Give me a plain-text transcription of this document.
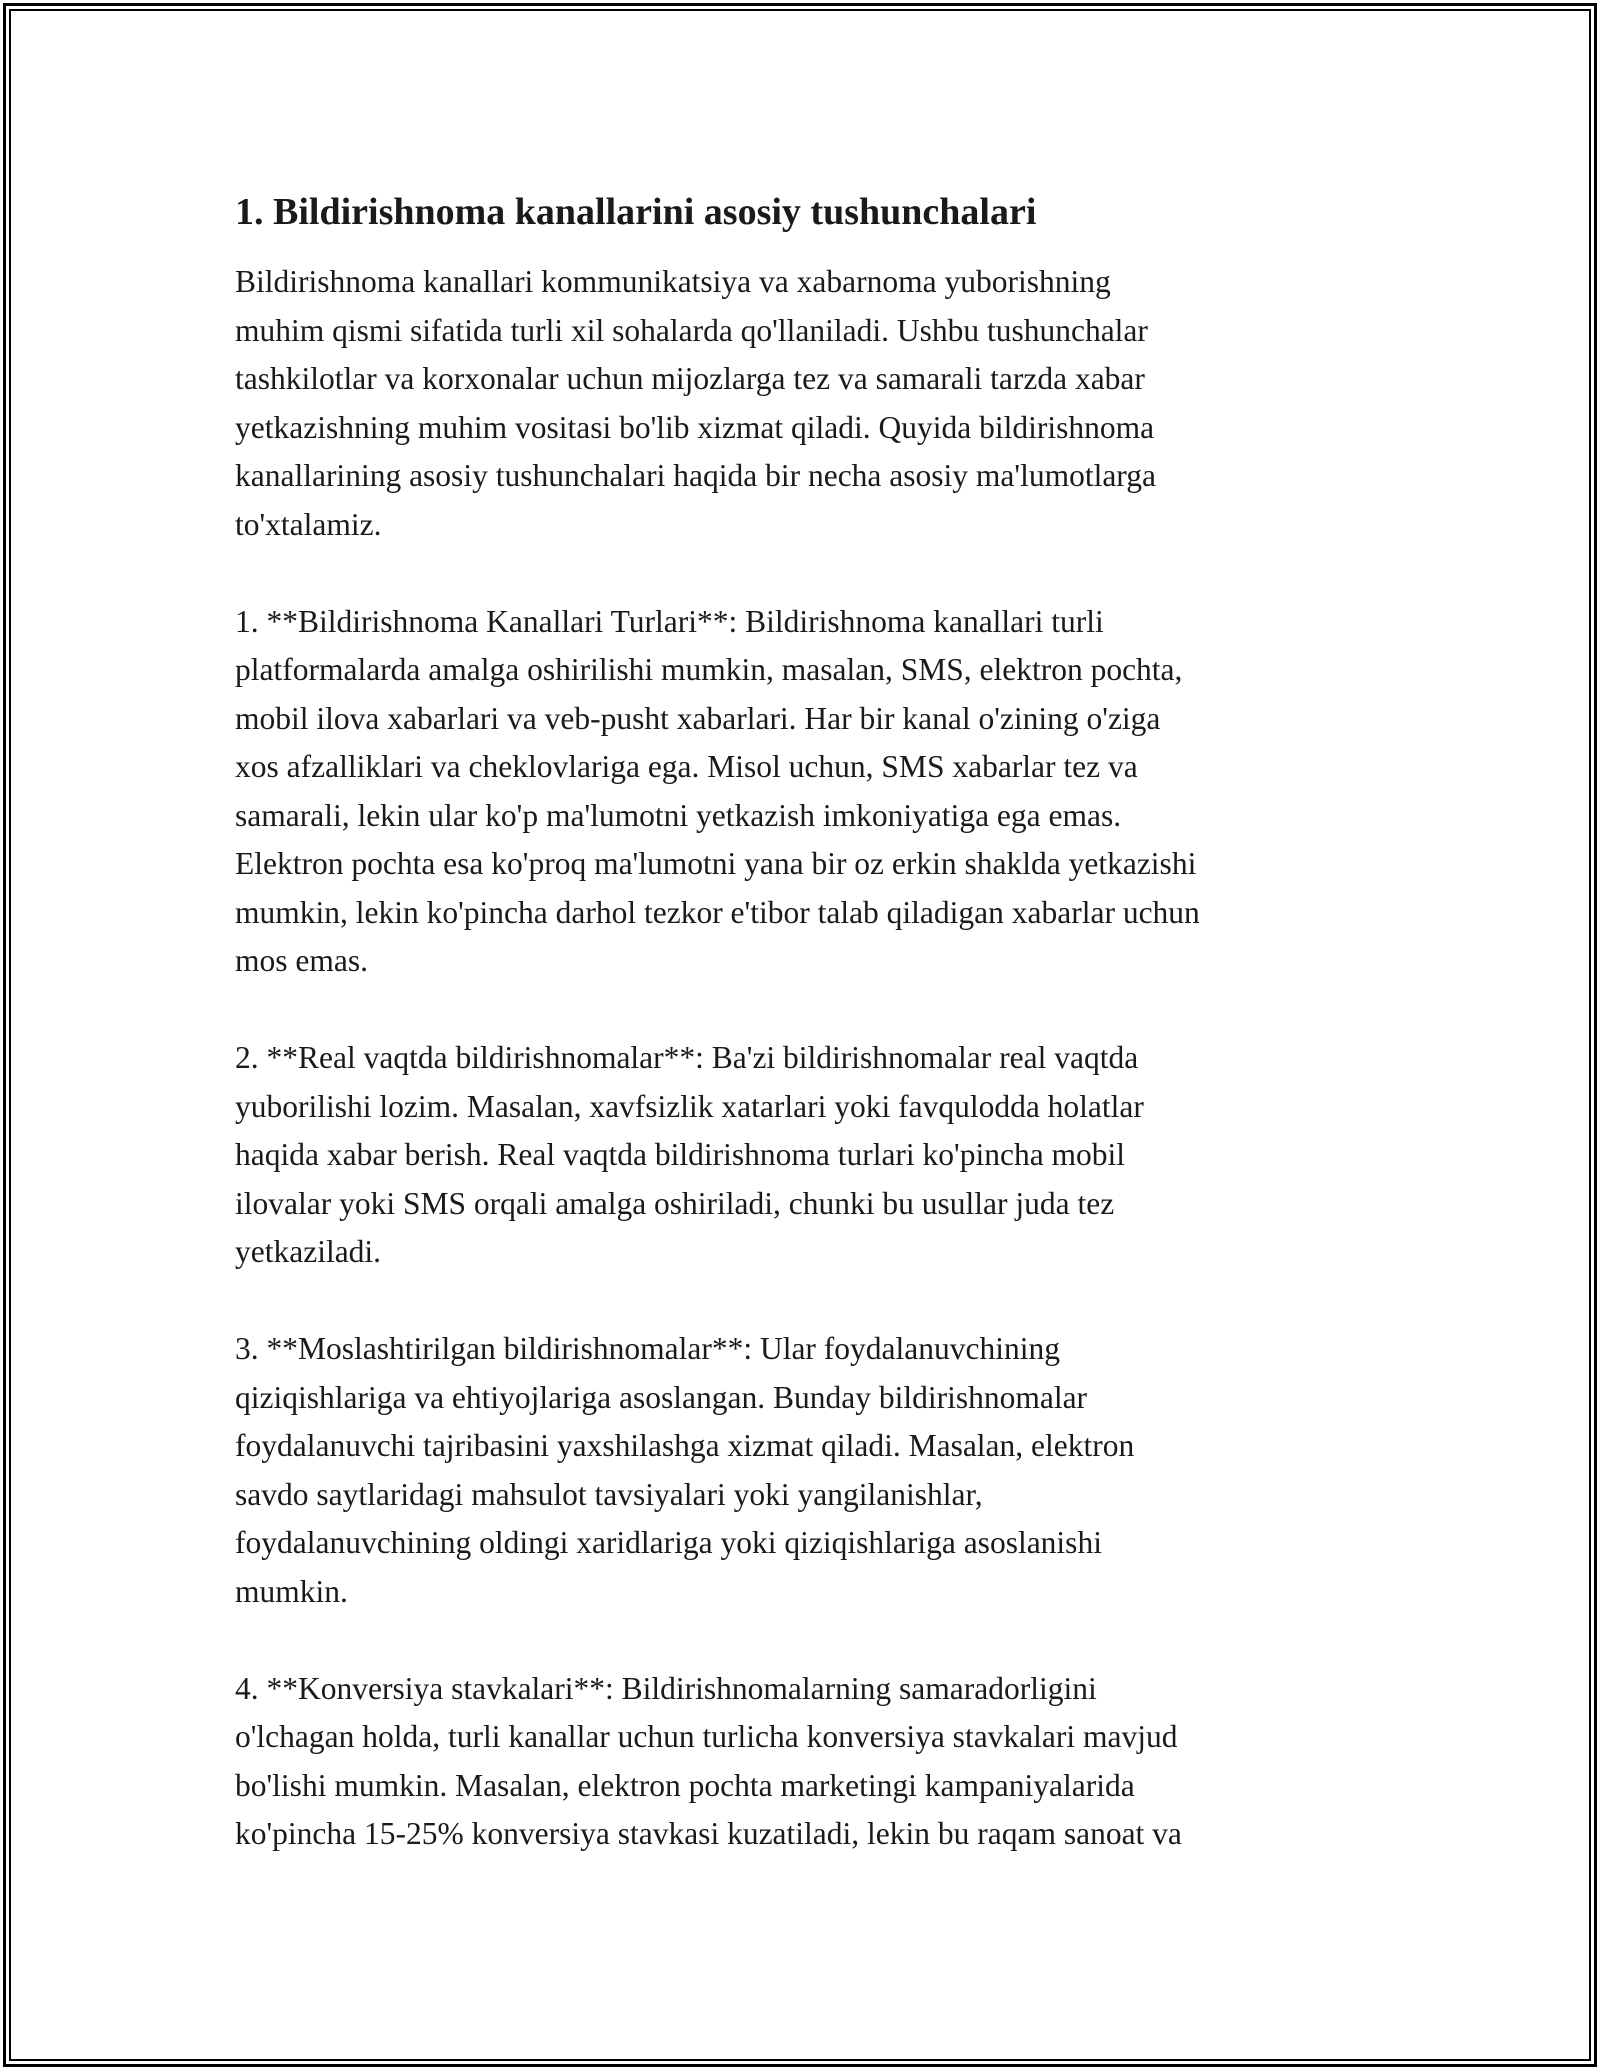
1. Bildirishnoma kanallarini asosiy tushunchalari

Bildirishnoma kanallari kommunikatsiya va xabarnoma yuborishning
muhim qismi sifatida turli xil sohalarda qo'llaniladi. Ushbu tushunchalar
tashkilotlar va korxonalar uchun mijozlarga tez va samarali tarzda xabar
yetkazishning muhim vositasi bo'lib xizmat qiladi. Quyida bildirishnoma
kanallarining asosiy tushunchalari haqida bir necha asosiy ma'lumotlarga
to'xtalamiz.

1. **Bildirishnoma Kanallari Turlari**: Bildirishnoma kanallari turli
platformalarda amalga oshirilishi mumkin, masalan, SMS, elektron pochta,
mobil ilova xabarlari va veb-pusht xabarlari. Har bir kanal o'zining o'ziga
xos afzalliklari va cheklovlariga ega. Misol uchun, SMS xabarlar tez va
samarali, lekin ular ko'p ma'lumotni yetkazish imkoniyatiga ega emas.
Elektron pochta esa ko'proq ma'lumotni yana bir oz erkin shaklda yetkazishi
mumkin, lekin ko'pincha darhol tezkor e'tibor talab qiladigan xabarlar uchun
mos emas.

2. **Real vaqtda bildirishnomalar**: Ba'zi bildirishnomalar real vaqtda
yuborilishi lozim. Masalan, xavfsizlik xatarlari yoki favqulodda holatlar
haqida xabar berish. Real vaqtda bildirishnoma turlari ko'pincha mobil
ilovalar yoki SMS orqali amalga oshiriladi, chunki bu usullar juda tez
yetkaziladi.

3. **Moslashtirilgan bildirishnomalar**: Ular foydalanuvchining
qiziqishlariga va ehtiyojlariga asoslangan. Bunday bildirishnomalar
foydalanuvchi tajribasini yaxshilashga xizmat qiladi. Masalan, elektron
savdo saytlaridagi mahsulot tavsiyalari yoki yangilanishlar,
foydalanuvchining oldingi xaridlariga yoki qiziqishlariga asoslanishi
mumkin.

4. **Konversiya stavkalari**: Bildirishnomalarning samaradorligini
o'lchagan holda, turli kanallar uchun turlicha konversiya stavkalari mavjud
bo'lishi mumkin. Masalan, elektron pochta marketingi kampaniyalarida
ko'pincha 15-25% konversiya stavkasi kuzatiladi, lekin bu raqam sanoat va
